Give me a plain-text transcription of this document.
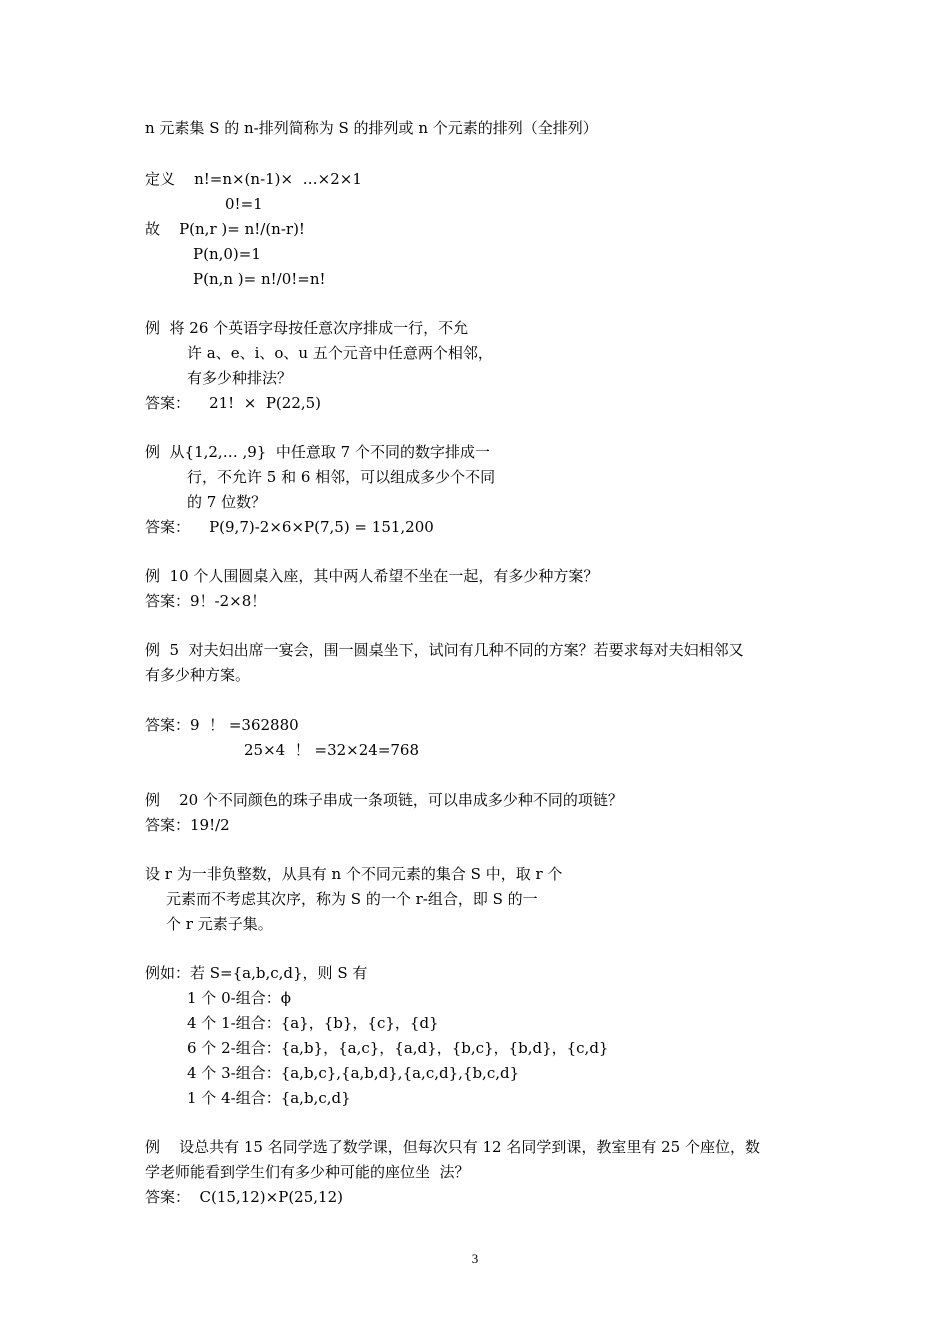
n 元素集 S 的 n-排列简称为 S 的排列或 n 个元素的排列（全排列）
定义    n!=n×(n-1)×  …×2×1
0!=1
故    P(n,r )= n!/(n-r)!
P(n,0)=1
P(n,n )= n!/0!=n!
例  将 26 个英语字母按任意次序排成一行，不允
许 a、e、i、o、u 五个元音中任意两个相邻，
有多少种排法？
答案：    21!  ×  P(22,5)
例  从{1,2,… ,9}  中任意取 7 个不同的数字排成一
行，不允许 5 和 6 相邻，可以组成多少个不同
的 7 位数？
答案：    P(9,7)-2×6×P(7,5) = 151,200
例  10 个人围圆桌入座，其中两人希望不坐在一起，有多少种方案？
答案：9！-2×8！
例  5  对夫妇出席一宴会，围一圆桌坐下，试问有几种不同的方案？若要求每对夫妇相邻又
有多少种方案。
答案：9  ！ =362880
25×4  ！ =32×24=768
例    20 个不同颜色的珠子串成一条项链，可以串成多少种不同的项链？
答案：19!/2
设 r 为一非负整数，从具有 n 个不同元素的集合 S 中，取 r 个
元素而不考虑其次序，称为 S 的一个 r-组合，即 S 的一
个 r 元素子集。
例如：若 S={a,b,c,d}，则 S 有
1 个 0-组合：ϕ
4 个 1-组合：{a}，{b}，{c}，{d}
6 个 2-组合：{a,b}，{a,c}，{a,d}，{b,c}，{b,d}，{c,d}
4 个 3-组合：{a,b,c},{a,b,d},{a,c,d},{b,c,d}
1 个 4-组合：{a,b,c,d}
例    设总共有 15 名同学选了数学课，但每次只有 12 名同学到课，教室里有 25 个座位，数
学老师能看到学生们有多少种可能的座位坐  法？
答案：  C(15,12)×P(25,12)
3
